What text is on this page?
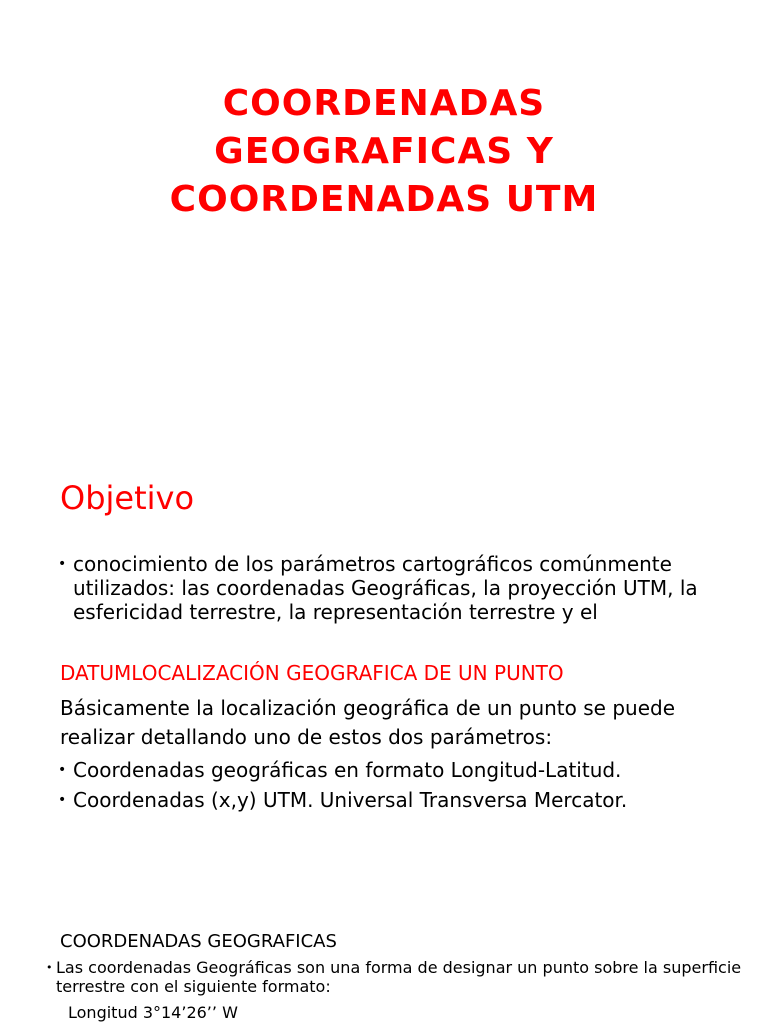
COORDENADAS
GEOGRAFICAS Y
COORDENADAS UTM
Objetivo
• conocimiento de los parámetros cartográficos comúnmente utilizados: las coordenadas Geográficas, la proyección UTM, la esfericidad terrestre, la representación terrestre y el
DATUMLOCALIZACIÓN GEOGRAFICA DE UN PUNTO
Básicamente la localización geográfica de un punto se puede realizar detallando uno de estos dos parámetros:
• Coordenadas geográficas en formato Longitud-Latitud.
• Coordenadas (x,y) UTM. Universal Transversa Mercator.
COORDENADAS GEOGRAFICAS
• Las coordenadas Geográficas son una forma de designar un punto sobre la superficie terrestre con el siguiente formato:
Longitud 3°14’26’’ W
